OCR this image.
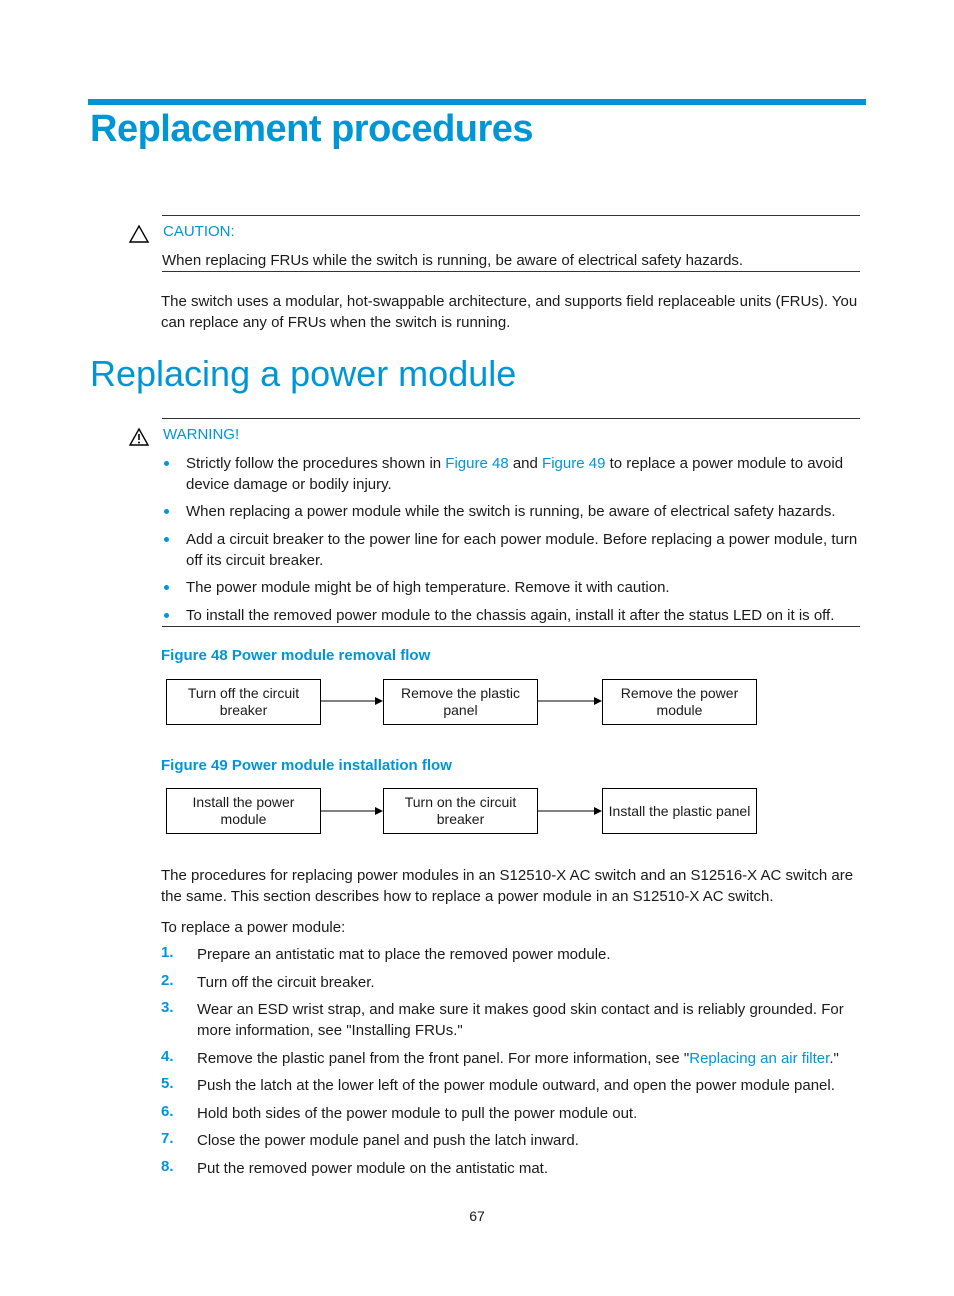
Replacement procedures
CAUTION:
When replacing FRUs while the switch is running, be aware of electrical safety hazards.
The switch uses a modular, hot-swappable architecture, and supports field replaceable units (FRUs). You can replace any of FRUs when the switch is running.
Replacing a power module
WARNING!
Strictly follow the procedures shown in Figure 48 and Figure 49 to replace a power module to avoid device damage or bodily injury.
When replacing a power module while the switch is running, be aware of electrical safety hazards.
Add a circuit breaker to the power line for each power module. Before replacing a power module, turn off its circuit breaker.
The power module might be of high temperature. Remove it with caution.
To install the removed power module to the chassis again, install it after the status LED on it is off.
Figure 48 Power module removal flow
Turn off the circuit
breaker
Remove the plastic
panel
Remove the power
module
Figure 49 Power module installation flow
Install the power
module
Turn on the circuit
breaker
Install the plastic panel
The procedures for replacing power modules in an S12510-X AC switch and an S12516-X AC switch are the same. This section describes how to replace a power module in an S12510-X AC switch.
To replace a power module:
1. Prepare an antistatic mat to place the removed power module.
2. Turn off the circuit breaker.
3. Wear an ESD wrist strap, and make sure it makes good skin contact and is reliably grounded. For more information, see "Installing FRUs."
4. Remove the plastic panel from the front panel. For more information, see "Replacing an air filter."
5. Push the latch at the lower left of the power module outward, and open the power module panel.
6. Hold both sides of the power module to pull the power module out.
7. Close the power module panel and push the latch inward.
8. Put the removed power module on the antistatic mat.
67
